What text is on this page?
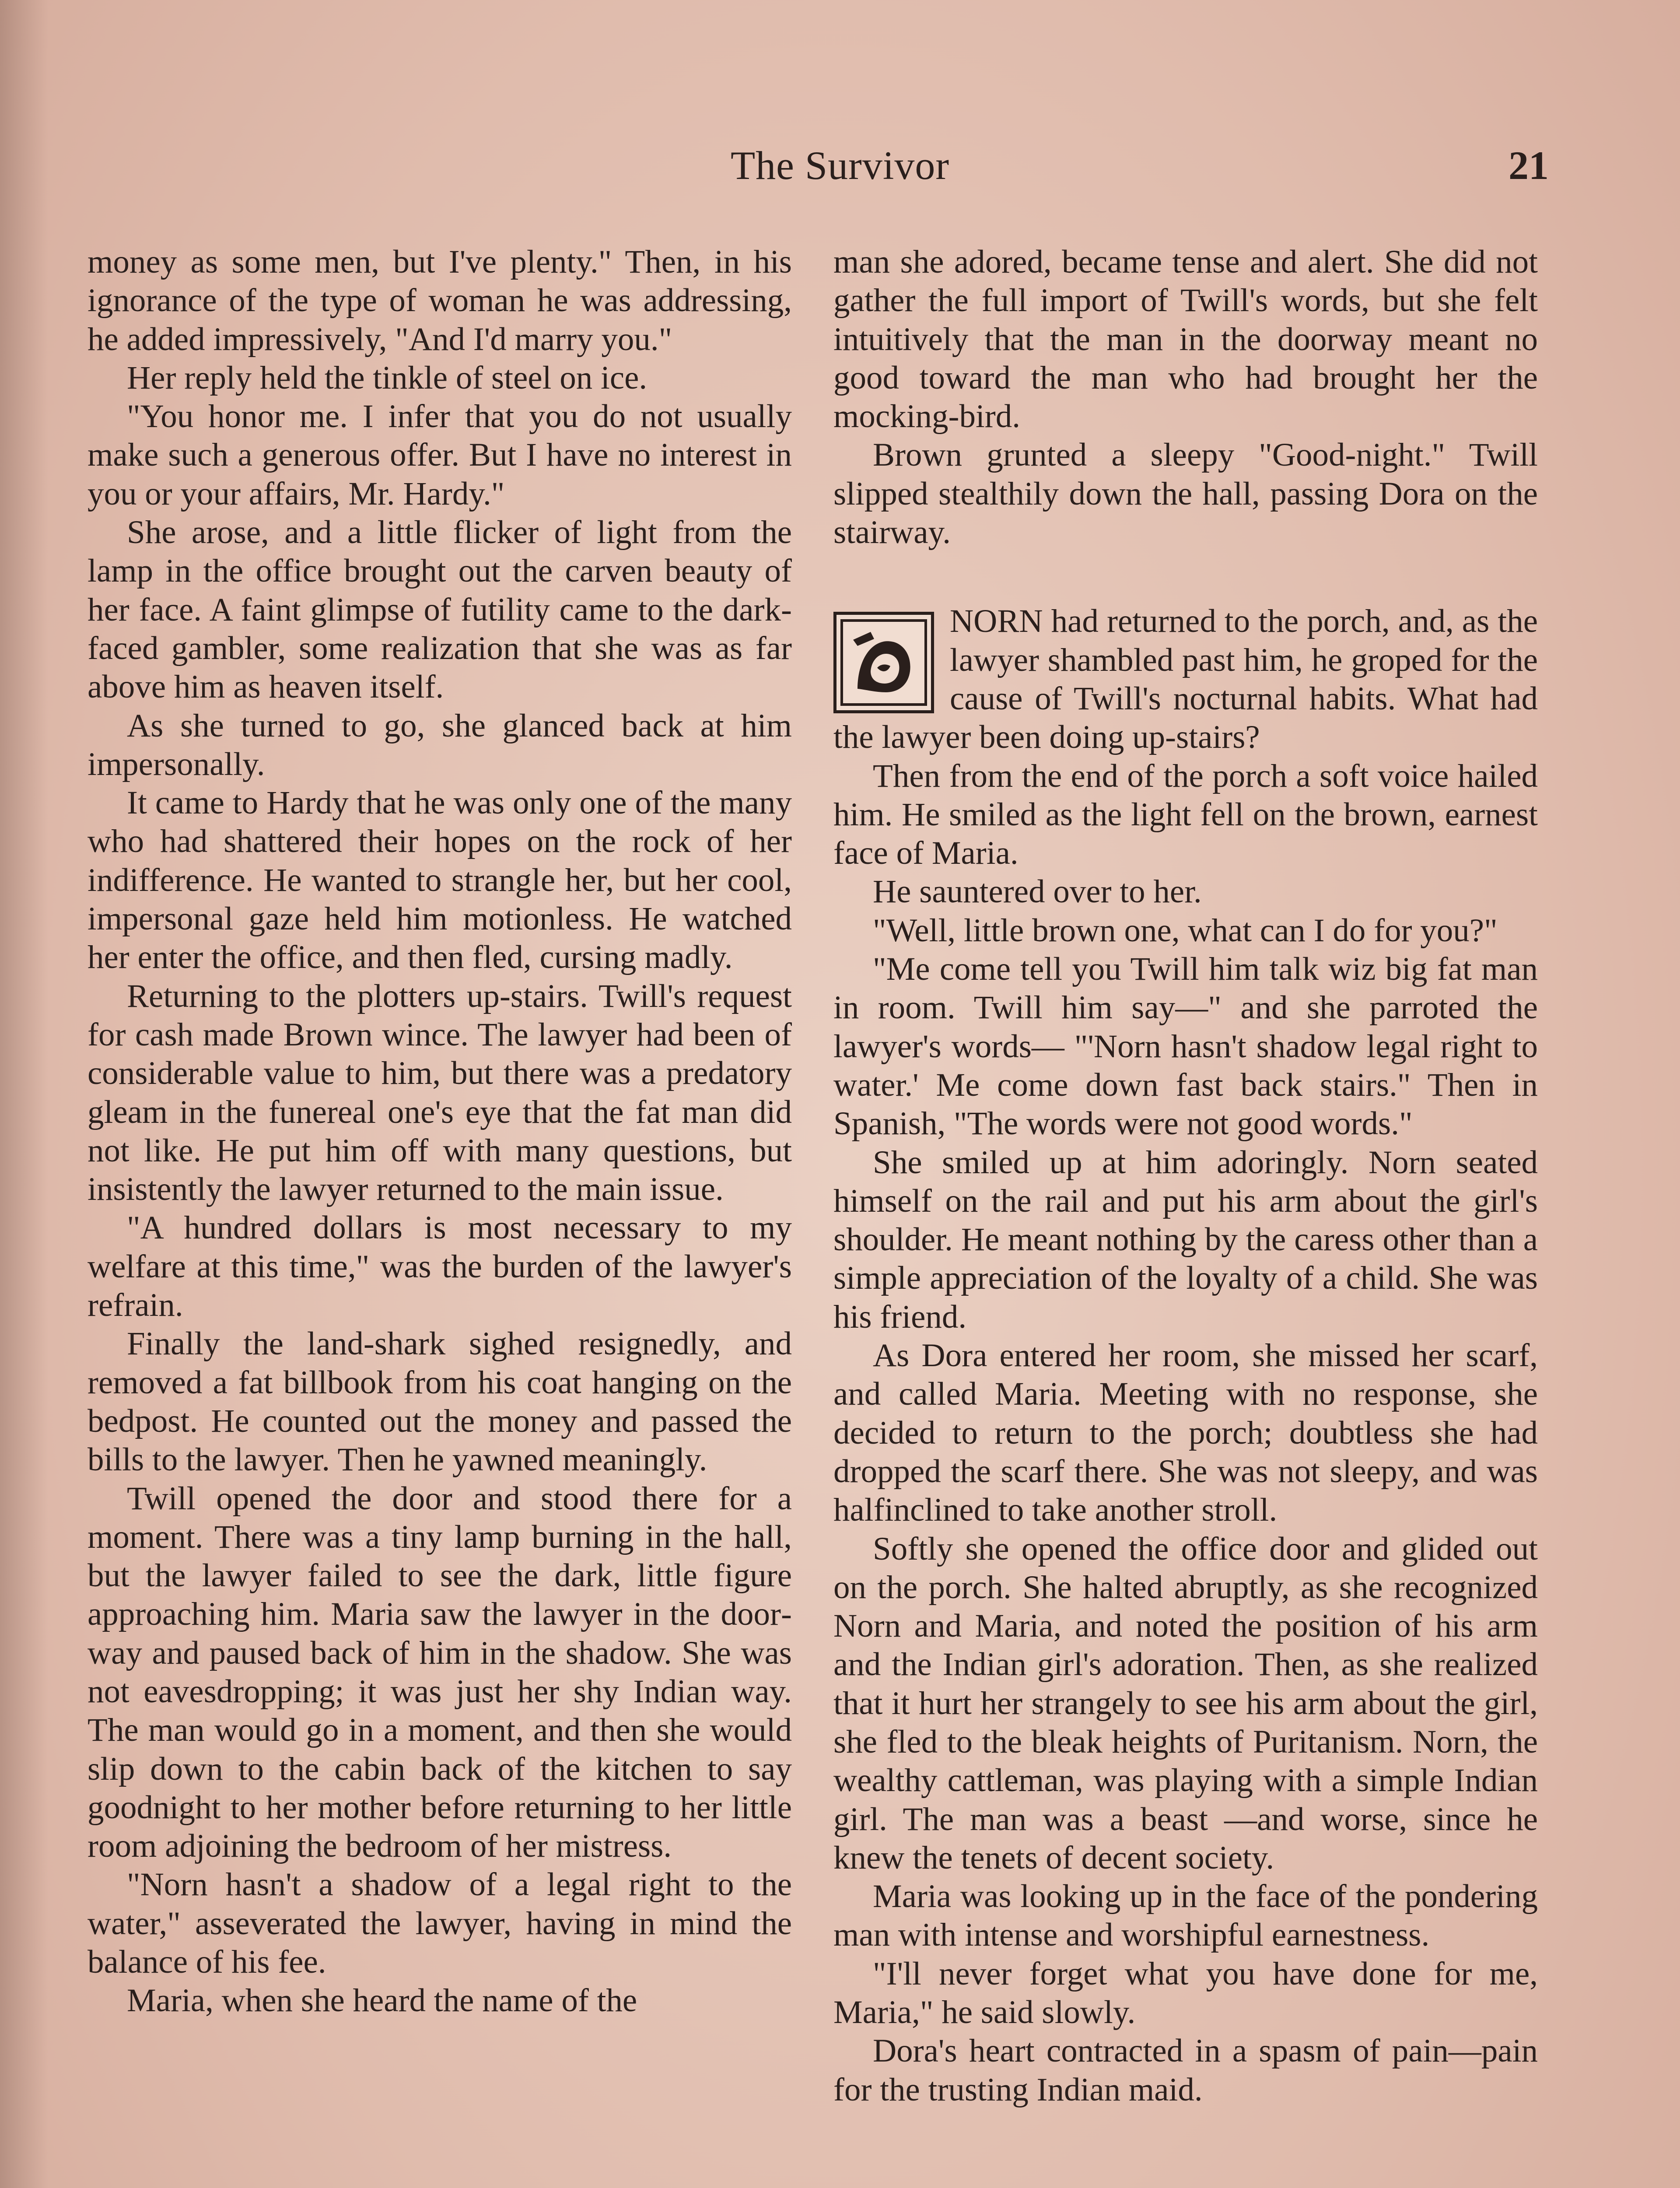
The Survivor	21

money as some men, but I've plenty." Then, in his ignorance of the type of woman he was addressing, he added impressively, "And I'd marry you."

Her reply held the tinkle of steel on ice.

"You honor me. I infer that you do not usually make such a generous offer. But I have no interest in you or your affairs, Mr. Hardy."

She arose, and a little flicker of light from the lamp in the office brought out the carven beauty of her face. A faint glimpse of futility came to the dark-faced gambler, some realization that she was as far above him as heaven itself.

As she turned to go, she glanced back at him impersonally.

It came to Hardy that he was only one of the many who had shattered their hopes on the rock of her indifference. He wanted to strangle her, but her cool, impersonal gaze held him motionless. He watched her enter the office, and then fled, cursing madly.

Returning to the plotters up-stairs. Twill's request for cash made Brown wince. The lawyer had been of considerable value to him, but there was a predatory gleam in the funereal one's eye that the fat man did not like. He put him off with many questions, but insistently the lawyer returned to the main issue.

"A hundred dollars is most necessary to my welfare at this time," was the burden of the lawyer's refrain.

Finally the land-shark sighed resignedly, and removed a fat billbook from his coat hanging on the bedpost. He counted out the money and passed the bills to the lawyer. Then he yawned meaningly.

Twill opened the door and stood there for a moment. There was a tiny lamp burning in the hall, but the lawyer failed to see the dark, little figure approaching him. Maria saw the lawyer in the doorway and paused back of him in the shadow. She was not eavesdropping; it was just her shy Indian way. The man would go in a moment, and then she would slip down to the cabin back of the kitchen to say goodnight to her mother before returning to her little room adjoining the bedroom of her mistress.

"Norn hasn't a shadow of a legal right to the water," asseverated the lawyer, having in mind the balance of his fee.

Maria, when she heard the name of the

man she adored, became tense and alert. She did not gather the full import of Twill's words, but she felt intuitively that the man in the doorway meant no good toward the man who had brought her the mocking-bird.

Brown grunted a sleepy "Good-night." Twill slipped stealthily down the hall, passing Dora on the stairway.

NORN had returned to the porch, and, as the lawyer shambled past him, he groped for the cause of Twill's nocturnal habits. What had the lawyer been doing up-stairs?

Then from the end of the porch a soft voice hailed him. He smiled as the light fell on the brown, earnest face of Maria.

He sauntered over to her.

"Well, little brown one, what can I do for you?"

"Me come tell you Twill him talk wiz big fat man in room. Twill him say—" and she parroted the lawyer's words— "'Norn hasn't shadow legal right to water.' Me come down fast back stairs." Then in Spanish, "The words were not good words."

She smiled up at him adoringly. Norn seated himself on the rail and put his arm about the girl's shoulder. He meant nothing by the caress other than a simple appreciation of the loyalty of a child. She was his friend.

As Dora entered her room, she missed her scarf, and called Maria. Meeting with no response, she decided to return to the porch; doubtless she had dropped the scarf there. She was not sleepy, and was halfinclined to take another stroll.

Softly she opened the office door and glided out on the porch. She halted abruptly, as she recognized Norn and Maria, and noted the position of his arm and the Indian girl's adoration. Then, as she realized that it hurt her strangely to see his arm about the girl, she fled to the bleak heights of Puritanism. Norn, the wealthy cattleman, was playing with a simple Indian girl. The man was a beast —and worse, since he knew the tenets of decent society.

Maria was looking up in the face of the pondering man with intense and worshipful earnestness.

"I'll never forget what you have done for me, Maria," he said slowly.

Dora's heart contracted in a spasm of pain—pain for the trusting Indian maid.
